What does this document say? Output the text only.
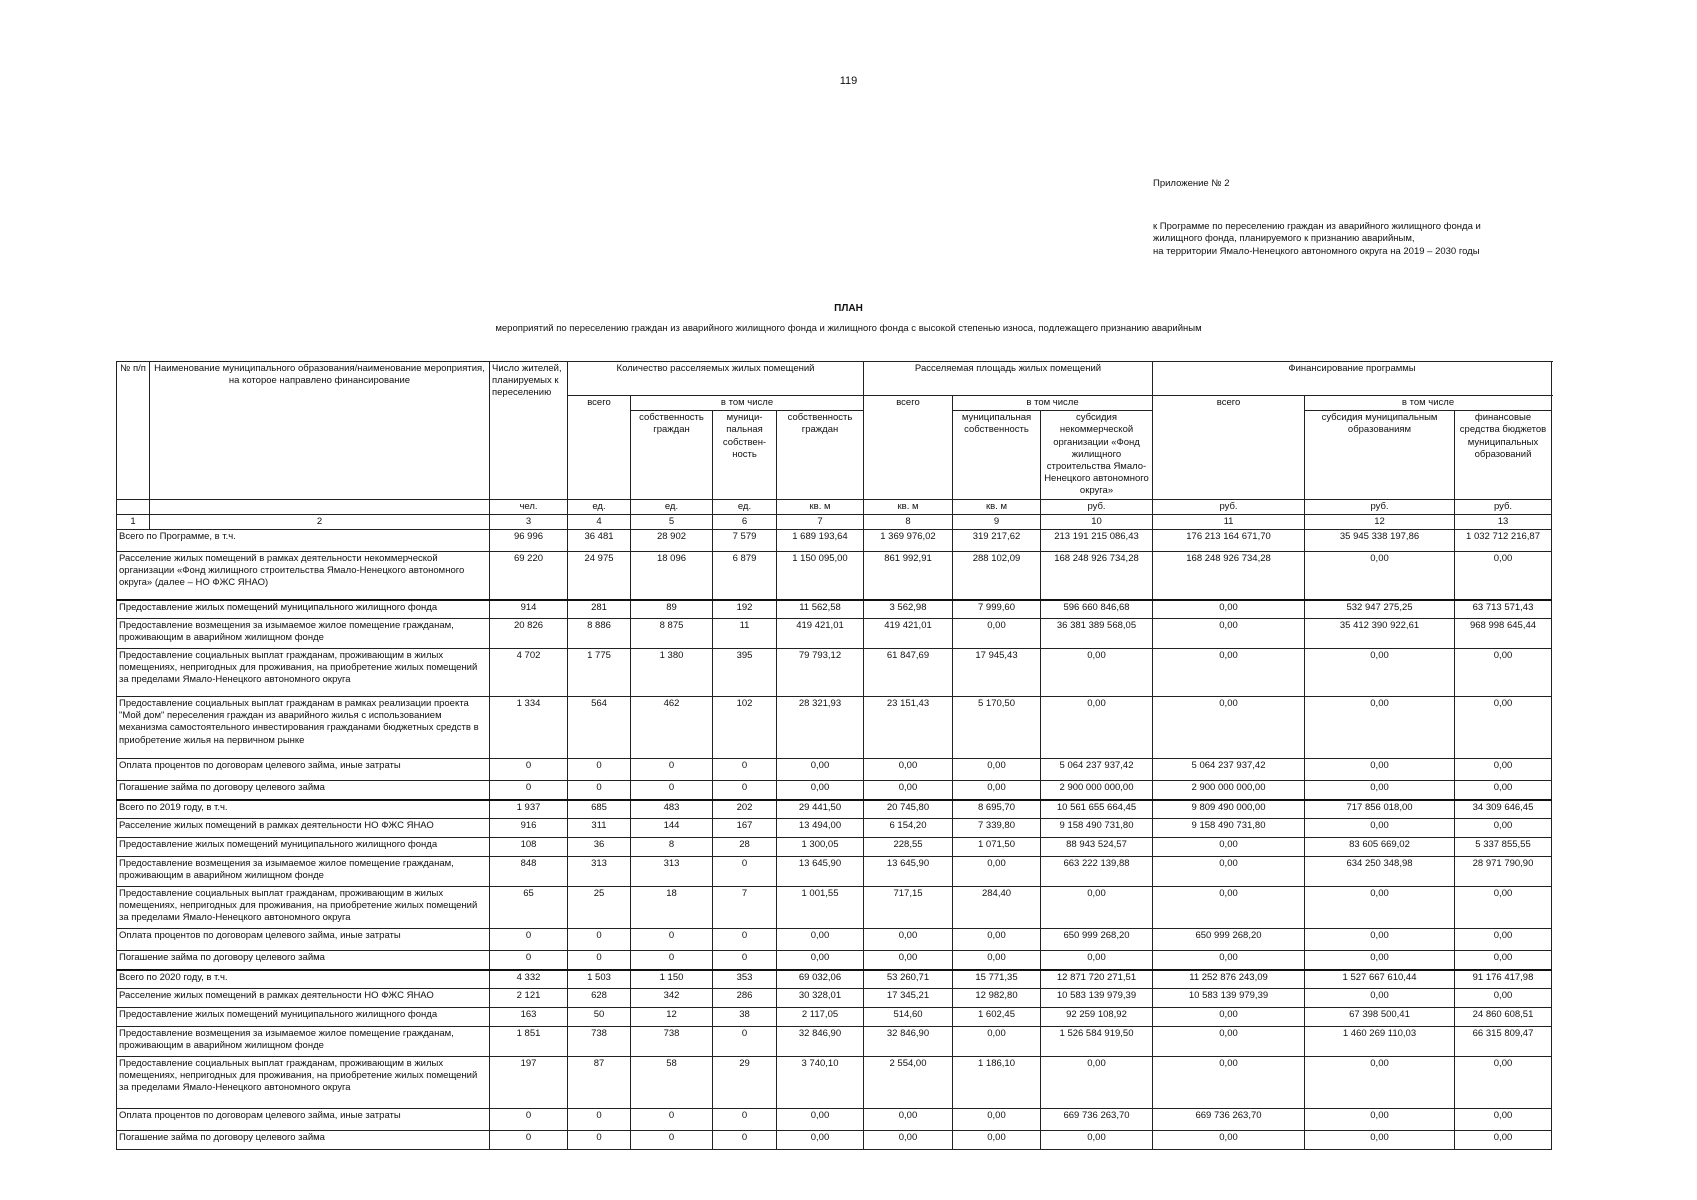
119
Приложение № 2
к Программе по переселению граждан из аварийного жилищного фонда и
жилищного фонда, планируемого к признанию аварийным,
на территории Ямало-Ненецкого автономного округа на 2019 – 2030 годы
ПЛАН
мероприятий по переселению граждан из аварийного жилищного фонда и жилищного фонда с высокой степенью износа, подлежащего признанию аварийным
№ п/п	Наименование муниципального образования/наименование мероприятия, на которое направлено финансирование	Число жителей, планируемых к переселению	Количество расселяемых жилых помещений				Расселяемая площадь жилых помещений			Финансирование программы		
			всего	в том числе			всего	в том числе		всего	в том числе	
				собственность граждан	муници-пальная собствен-ность	собственность граждан		муниципальная собственность	субсидия некоммерческой организации «Фонд жилищного строительства Ямало-Ненецкого автономного округа»		субсидия муниципальным образованиям	финансовые средства бюджетов муниципальных образований
		чел.	ед.	ед.	ед.	кв. м	кв. м	кв. м	руб.	руб.	руб.	руб.
1	2	3	4	5	6	7	8	9	10	11	12	13
Всего по Программе, в т.ч.		96 996	36 481	28 902	7 579	1 689 193,64	1 369 976,02	319 217,62	213 191 215 086,43	176 213 164 671,70	35 945 338 197,86	1 032 712 216,87
Расселение жилых помещений в рамках деятельности некоммерческой организации «Фонд жилищного строительства Ямало-Ненецкого автономного округа» (далее – НО ФЖС ЯНАО)		69 220	24 975	18 096	6 879	1 150 095,00	861 992,91	288 102,09	168 248 926 734,28	168 248 926 734,28	0,00	0,00
Предоставление жилых помещений муниципального жилищного фонда		914	281	89	192	11 562,58	3 562,98	7 999,60	596 660 846,68	0,00	532 947 275,25	63 713 571,43
Предоставление возмещения за изымаемое жилое помещение гражданам, проживающим в аварийном жилищном фонде		20 826	8 886	8 875	11	419 421,01	419 421,01	0,00	36 381 389 568,05	0,00	35 412 390 922,61	968 998 645,44
Предоставление социальных выплат гражданам, проживающим в жилых помещениях, непригодных для проживания, на приобретение жилых помещений за пределами Ямало-Ненецкого автономного округа		4 702	1 775	1 380	395	79 793,12	61 847,69	17 945,43	0,00	0,00	0,00	0,00
Предоставление социальных выплат гражданам в рамках реализации проекта "Мой дом" переселения граждан из аварийного жилья с использованием механизма самостоятельного инвестирования гражданами бюджетных средств в приобретение жилья на первичном рынке		1 334	564	462	102	28 321,93	23 151,43	5 170,50	0,00	0,00	0,00	0,00
Оплата процентов по договорам целевого займа, иные затраты		0	0	0	0	0,00	0,00	0,00	5 064 237 937,42	5 064 237 937,42	0,00	0,00
Погашение займа по договору целевого займа		0	0	0	0	0,00	0,00	0,00	2 900 000 000,00	2 900 000 000,00	0,00	0,00
Всего по 2019 году, в т.ч.		1 937	685	483	202	29 441,50	20 745,80	8 695,70	10 561 655 664,45	9 809 490 000,00	717 856 018,00	34 309 646,45
Расселение жилых помещений в рамках деятельности НО ФЖС ЯНАО		916	311	144	167	13 494,00	6 154,20	7 339,80	9 158 490 731,80	9 158 490 731,80	0,00	0,00
Предоставление жилых помещений муниципального жилищного фонда		108	36	8	28	1 300,05	228,55	1 071,50	88 943 524,57	0,00	83 605 669,02	5 337 855,55
Предоставление возмещения за изымаемое жилое помещение гражданам, проживающим в аварийном жилищном фонде		848	313	313	0	13 645,90	13 645,90	0,00	663 222 139,88	0,00	634 250 348,98	28 971 790,90
Предоставление социальных выплат гражданам, проживающим в жилых помещениях, непригодных для проживания, на приобретение жилых помещений за пределами Ямало-Ненецкого автономного округа		65	25	18	7	1 001,55	717,15	284,40	0,00	0,00	0,00	0,00
Оплата процентов по договорам целевого займа, иные затраты		0	0	0	0	0,00	0,00	0,00	650 999 268,20	650 999 268,20	0,00	0,00
Погашение займа по договору целевого займа		0	0	0	0	0,00	0,00	0,00	0,00	0,00	0,00	0,00
Всего по 2020 году, в т.ч.		4 332	1 503	1 150	353	69 032,06	53 260,71	15 771,35	12 871 720 271,51	11 252 876 243,09	1 527 667 610,44	91 176 417,98
Расселение жилых помещений в рамках деятельности НО ФЖС ЯНАО		2 121	628	342	286	30 328,01	17 345,21	12 982,80	10 583 139 979,39	10 583 139 979,39	0,00	0,00
Предоставление жилых помещений муниципального жилищного фонда		163	50	12	38	2 117,05	514,60	1 602,45	92 259 108,92	0,00	67 398 500,41	24 860 608,51
Предоставление возмещения за изымаемое жилое помещение гражданам, проживающим в аварийном жилищном фонде		1 851	738	738	0	32 846,90	32 846,90	0,00	1 526 584 919,50	0,00	1 460 269 110,03	66 315 809,47
Предоставление социальных выплат гражданам, проживающим в жилых помещениях, непригодных для проживания, на приобретение жилых помещений за пределами Ямало-Ненецкого автономного округа		197	87	58	29	3 740,10	2 554,00	1 186,10	0,00	0,00	0,00	0,00
Оплата процентов по договорам целевого займа, иные затраты		0	0	0	0	0,00	0,00	0,00	669 736 263,70	669 736 263,70	0,00	0,00
Погашение займа по договору целевого займа		0	0	0	0	0,00	0,00	0,00	0,00	0,00	0,00	0,00
